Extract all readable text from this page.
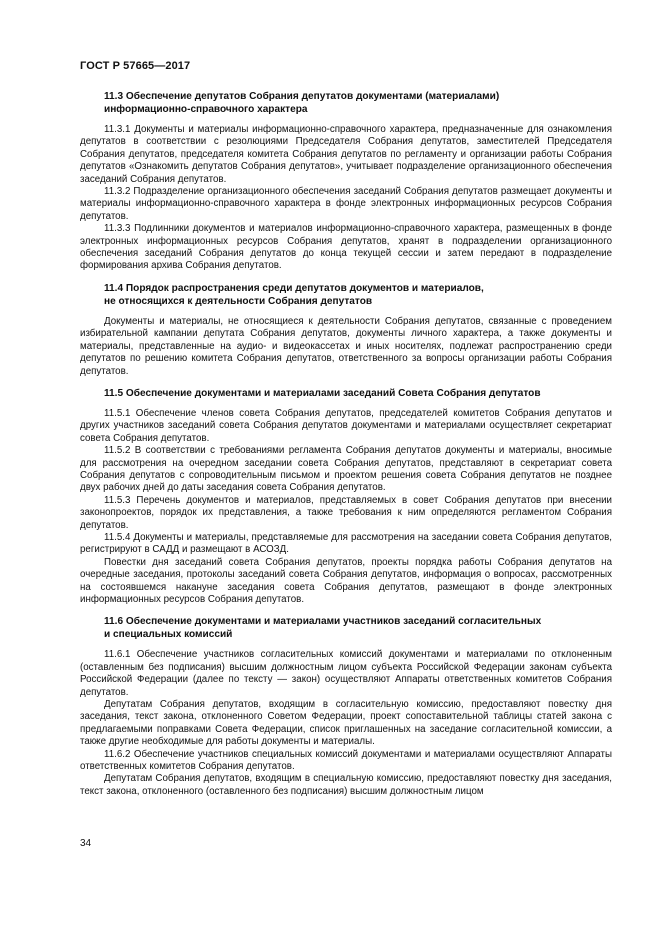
ГОСТ Р 57665—2017
11.3 Обеспечение депутатов Собрания депутатов документами (материалами)
информационно-справочного характера

11.3.1 Документы и материалы информационно-справочного характера, предназначенные для ознакомления депутатов в соответствии с резолюциями Председателя Собрания депутатов, заместителей Председателя Собрания депутатов, председателя комитета Собрания депутатов по регламенту и организации работы Собрания депутатов «Ознакомить депутатов Собрания депутатов», учитывает подразделение организационного обеспечения заседаний Собрания депутатов.

11.3.2 Подразделение организационного обеспечения заседаний Собрания депутатов размещает документы и материалы информационно-справочного характера в фонде электронных информационных ресурсов Собрания депутатов.

11.3.3 Подлинники документов и материалов информационно-справочного характера, размещенных в фонде электронных информационных ресурсов Собрания депутатов, хранят в подразделении организационного обеспечения заседаний Собрания депутатов до конца текущей сессии и затем передают в подразделение формирования архива Собрания депутатов.

11.4 Порядок распространения среди депутатов документов и материалов,
не относящихся к деятельности Собрания депутатов

Документы и материалы, не относящиеся к деятельности Собрания депутатов, связанные с проведением избирательной кампании депутата Собрания депутатов, документы личного характера, а также документы и материалы, представленные на аудио- и видеокассетах и иных носителях, подлежат распространению среди депутатов по решению комитета Собрания депутатов, ответственного за вопросы организации работы Собрания депутатов.

11.5 Обеспечение документами и материалами заседаний Совета Собрания депутатов

11.5.1 Обеспечение членов совета Собрания депутатов, председателей комитетов Собрания депутатов и других участников заседаний совета Собрания депутатов документами и материалами осуществляет секретариат совета Собрания депутатов.

11.5.2 В соответствии с требованиями регламента Собрания депутатов документы и материалы, вносимые для рассмотрения на очередном заседании совета Собрания депутатов, представляют в секретариат совета Собрания депутатов с сопроводительным письмом и проектом решения совета Собрания депутатов не позднее двух рабочих дней до даты заседания совета Собрания депутатов.

11.5.3 Перечень документов и материалов, представляемых в совет Собрания депутатов при внесении законопроектов, порядок их представления, а также требования к ним определяются регламентом Собрания депутатов.

11.5.4 Документы и материалы, представляемые для рассмотрения на заседании совета Собрания депутатов, регистрируют в САДД и размещают в АСОЗД.

Повестки дня заседаний совета Собрания депутатов, проекты порядка работы Собрания депутатов на очередные заседания, протоколы заседаний совета Собрания депутатов, информация о вопросах, рассмотренных на состоявшемся накануне заседания совета Собрания депутатов, размещают в фонде электронных информационных ресурсов Собрания депутатов.

11.6 Обеспечение документами и материалами участников заседаний согласительных
и специальных комиссий

11.6.1 Обеспечение участников согласительных комиссий документами и материалами по отклоненным (оставленным без подписания) высшим должностным лицом субъекта Российской Федерации законам субъекта Российской Федерации (далее по тексту — закон) осуществляют Аппараты ответственных комитетов Собрания депутатов.

Депутатам Собрания депутатов, входящим в согласительную комиссию, предоставляют повестку дня заседания, текст закона, отклоненного Советом Федерации, проект сопоставительной таблицы статей закона с предлагаемыми поправками Совета Федерации, список приглашенных на заседание согласительной комиссии, а также другие необходимые для работы документы и материалы.

11.6.2 Обеспечение участников специальных комиссий документами и материалами осуществляют Аппараты ответственных комитетов Собрания депутатов.

Депутатам Собрания депутатов, входящим в специальную комиссию, предоставляют повестку дня заседания, текст закона, отклоненного (оставленного без подписания) высшим должностным лицом

34
